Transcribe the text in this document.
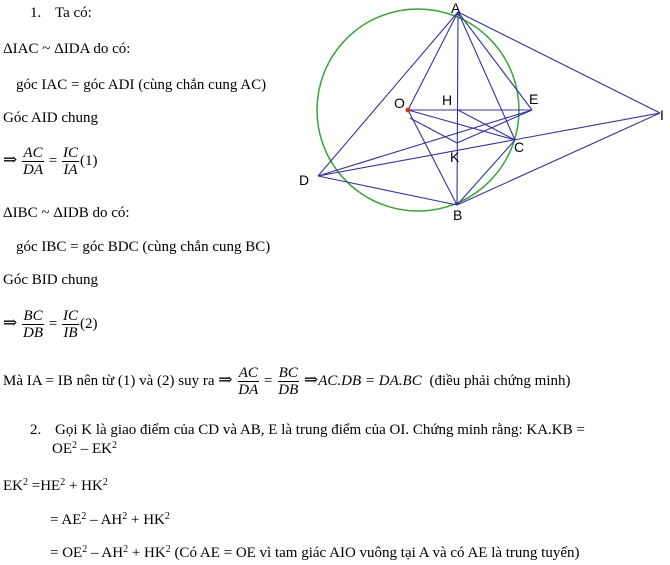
1. Ta có:
ΔIAC ~ ΔIDA do có:
góc IAC = góc ADI (cùng chắn cung AC)
Góc AID chung
⇒ $\frac{AC}{DA} = \frac{IC}{IA} (1)$
ΔIBC ~ ΔIDB do có:
góc IBC = góc BDC (cùng chắn cung BC)
Góc BID chung
⇒ $\frac{BC}{DB} = \frac{IC}{IB} (2)$
Mà IA = IB nên từ (1) và (2) suy ra ⇒ $\frac{AC}{DA} = \frac{BC}{DB}$ ⇒AC.DB = DA.BC (điều phải chứng minh)
2. Gọi K là giao điểm của CD và AB, E là trung điểm của OI. Chứng minh rằng: KA.KB =
$OE^2 - EK^2$
$EK^2 =HE^2 + HK^2$
= $AE^2 - AH^2 + HK^2$
= $OE^2 - AH^2 + HK^2$ (Có AE = OE vì tam giác AIO vuông tại A và có AE là trung tuyến)
A
O	H	E
I
K
C
D
B
